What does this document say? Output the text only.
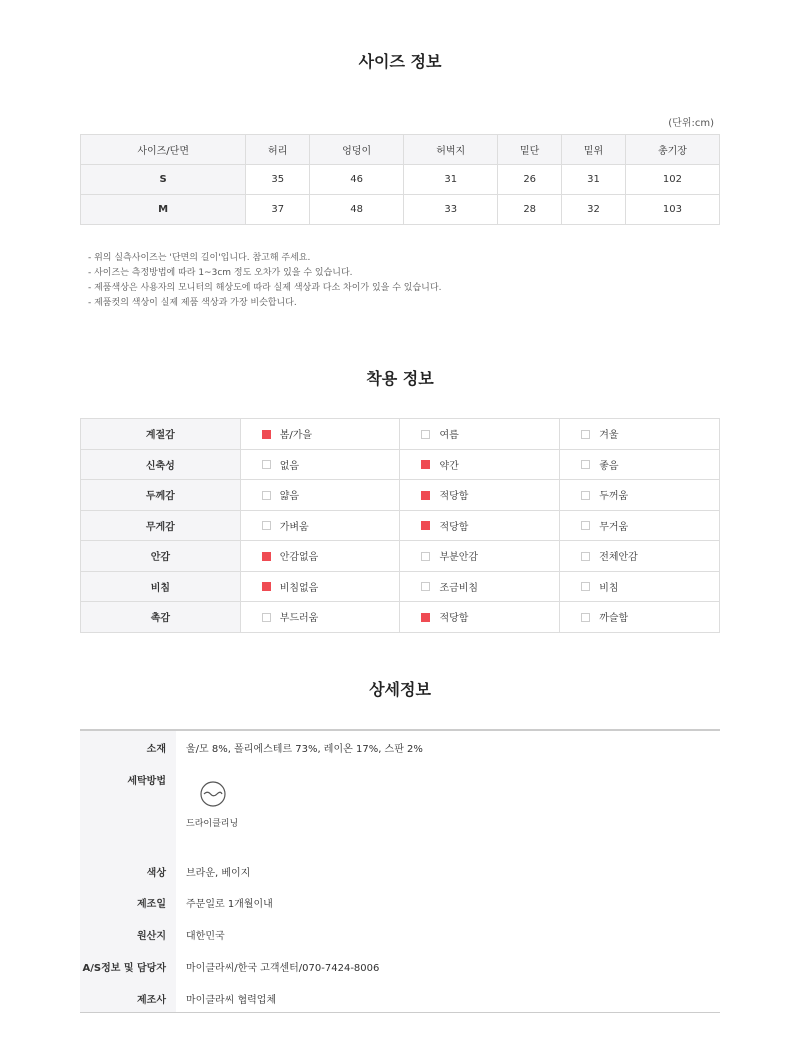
사이즈 정보
(단위:cm)
사이즈/단면	허리	엉덩이	허벅지	밑단	밑위	총기장
S	35	46	31	26	31	102
M	37	48	33	28	32	103
- 위의 실측사이즈는 '단면의 길이'입니다. 참고해 주세요.
- 사이즈는 측정방법에 따라 1~3cm 정도 오차가 있을 수 있습니다.
- 제품색상은 사용자의 모니터의 해상도에 따라 실제 색상과 다소 차이가 있을 수 있습니다.
- 제품컷의 색상이 실제 제품 색상과 가장 비슷합니다.
착용 정보
계절감	봄/가을	여름	겨울
신축성	없음	약간	좋음
두께감	얇음	적당함	두꺼움
무게감	가벼움	적당함	무거움
안감	안감없음	부분안감	전체안감
비침	비침없음	조금비침	비침
촉감	부드러움	적당함	까슬함
상세정보
소재 울/모 8%, 폴리에스테르 73%, 레이온 17%, 스판 2%
세탁방법
드라이클리닝
색상 브라운, 베이지
제조일 주문일로 1개월이내
원산지 대한민국
A/S정보 및 담당자 마이클라씨/한국 고객센터/070-7424-8006
제조사 마이클라씨 협력업체
